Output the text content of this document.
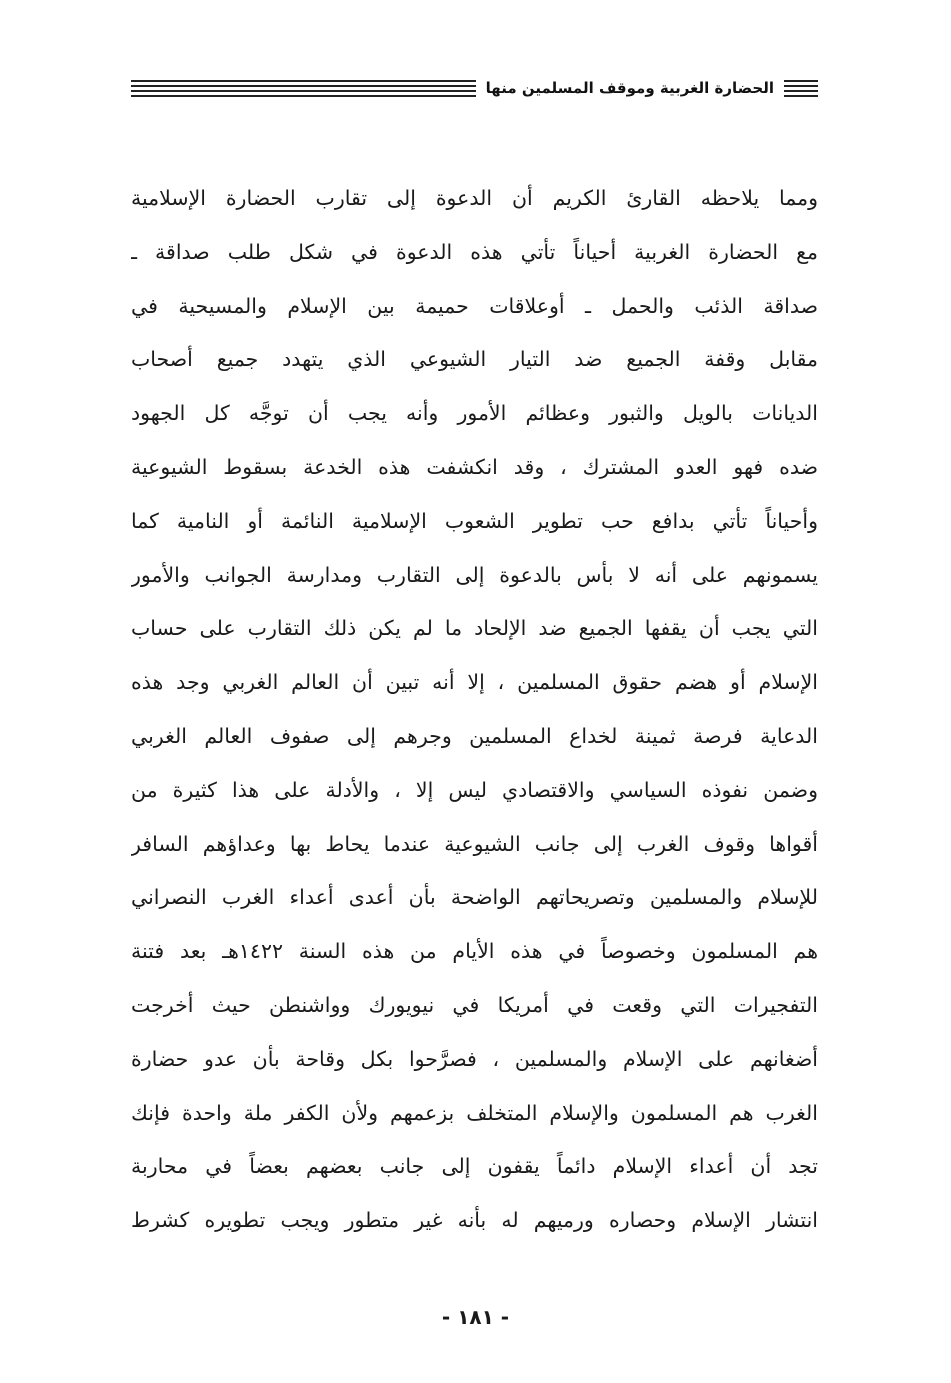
الحضارة الغربية وموقف المسلمين منها
ومما يلاحظه القارئ الكريم أن الدعوة إلى تقارب الحضارة الإسلامية
مع الحضارة الغربية أحياناً تأتي هذه الدعوة في شكل طلب صداقة ـ
صداقة الذئب والحمل ـ أوعلاقات حميمة بين الإسلام والمسيحية في
مقابل وقفة الجميع ضد التيار الشيوعي الذي يتهدد جميع أصحاب
الديانات بالويل والثبور وعظائم الأمور وأنه يجب أن توجَّه كل الجهود
ضده فهو العدو المشترك ، وقد انكشفت هذه الخدعة بسقوط الشيوعية
وأحياناً تأتي بدافع حب تطوير الشعوب الإسلامية النائمة أو النامية كما
يسمونهم على أنه لا بأس بالدعوة إلى التقارب ومدارسة الجوانب والأمور
التي يجب أن يقفها الجميع ضد الإلحاد ما لم يكن ذلك التقارب على حساب
الإسلام أو هضم حقوق المسلمين ، إلا أنه تبين أن العالم الغربي وجد هذه
الدعاية فرصة ثمينة لخداع المسلمين وجرهم إلى صفوف العالم الغربي
وضمن نفوذه السياسي والاقتصادي ليس إلا ، والأدلة على هذا كثيرة من
أقواها وقوف الغرب إلى جانب الشيوعية عندما يحاط بها وعداؤهم السافر
للإسلام والمسلمين وتصريحاتهم الواضحة بأن أعدى أعداء الغرب النصراني
هم المسلمون وخصوصاً في هذه الأيام من هذه السنة ١٤٢٢هـ بعد فتنة
التفجيرات التي وقعت في أمريكا في نيويورك وواشنطن حيث أخرجت
أضغانهم على الإسلام والمسلمين ، فصرَّحوا بكل وقاحة بأن عدو حضارة
الغرب هم المسلمون والإسلام المتخلف بزعمهم ولأن الكفر ملة واحدة فإنك
تجد أن أعداء الإسلام دائماً يقفون إلى جانب بعضهم بعضاً في محاربة
انتشار الإسلام وحصاره ورميهم له بأنه غير متطور ويجب تطويره كشرط
- ١٨١ -
